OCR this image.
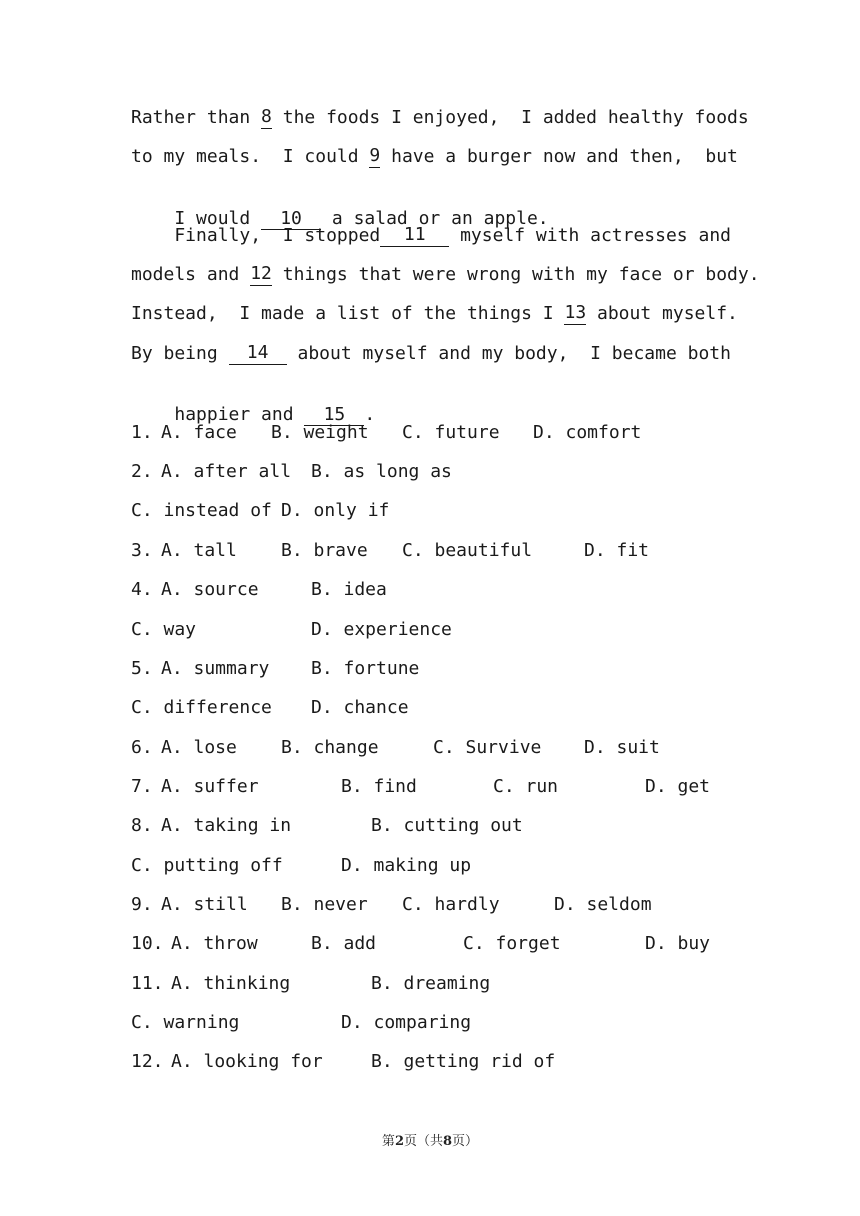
Rather than 8 the foods I enjoyed,  I added healthy foods
to my meals.  I could 9 have a burger now and then,  but

I would 10 a salad or an apple.

Finally,  I stopped	11	myself with actresses and
models and 12 things that were wrong with my face or body.
Instead,  I made a list of the things I 13 about myself.
By being	14	about myself and my body,  I became both

happier and 15 .

1. A. face B. weight C. future D. comfort
2. A. after all B. as long as
C. instead of D. only if
3. A. tall B. brave C. beautiful	D. fit
4. A. source	B. idea
C. way	D. experience
5. A. summary B. fortune
C. difference D. chance
6. A. lose B. change	C. Survive D. suit
7. A. suffer	B. find	C. run	D. get
8. A. taking in	B. cutting out
C. putting off	D. making up
9. A. still B. never C. hardly	D. seldom
10. A. throw	B. add	C. forget	D. buy
11. A. thinking	B. dreaming
C. warning	D. comparing
12. A. looking for	B. getting rid of
第2页（共8页）
